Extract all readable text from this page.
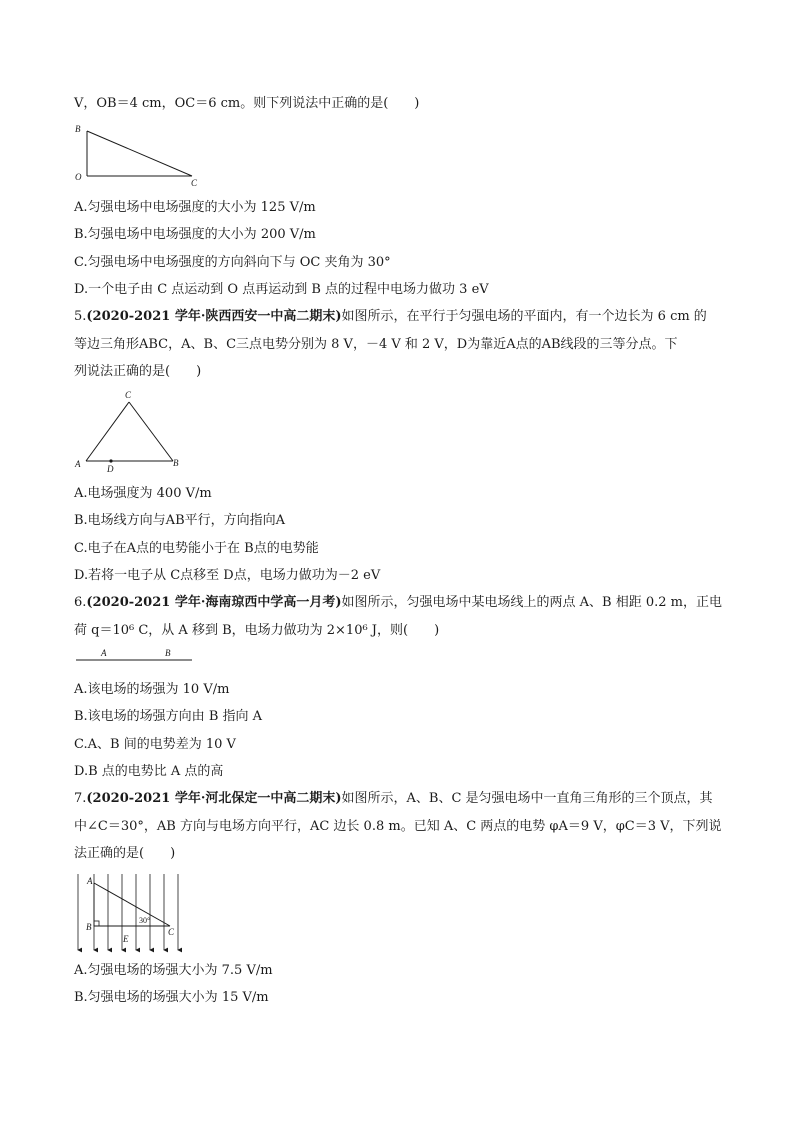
V，OB＝4 cm，OC＝6 cm。则下列说法中正确的是(　　)
B
O
C
A.匀强电场中电场强度的大小为 125 V/m
B.匀强电场中电场强度的大小为 200 V/m
C.匀强电场中电场强度的方向斜向下与 OC 夹角为 30°
D.一个电子由 C 点运动到 O 点再运动到 B 点的过程中电场力做功 3 eV
5.(2020-2021 学年·陕西西安一中高二期末)如图所示，在平行于匀强电场的平面内，有一个边长为 6 cm 的
等边三角形ABC，A、B、C三点电势分别为 8 V，－4 V 和 2 V，D为靠近A点的AB线段的三等分点。下
列说法正确的是(　　)
C
A	B
D
A.电场强度为 400 V/m
B.电场线方向与AB平行，方向指向A
C.电子在A点的电势能小于在 B点的电势能
D.若将一电子从 C点移至 D点，电场力做功为－2 eV
6.(2020-2021 学年·海南琼西中学高一月考)如图所示，匀强电场中某电场线上的两点 A、B 相距 0.2 m，正电
荷 q＝10⁶ C，从 A 移到 B，电场力做功为 2×10⁶ J，则(　　)
A	B
A.该电场的场强为 10 V/m
B.该电场的场强方向由 B 指向 A
C.A、B 间的电势差为 10 V
D.B 点的电势比 A 点的高
7.(2020-2021 学年·河北保定一中高二期末)如图所示，A、B、C 是匀强电场中一直角三角形的三个顶点，其
中∠C＝30°，AB 方向与电场方向平行，AC 边长 0.8 m。已知 A、C 两点的电势 φA＝9 V，φC＝3 V，下列说
法正确的是(　　)
A
B	C
E
30°
A.匀强电场的场强大小为 7.5 V/m
B.匀强电场的场强大小为 15 V/m
